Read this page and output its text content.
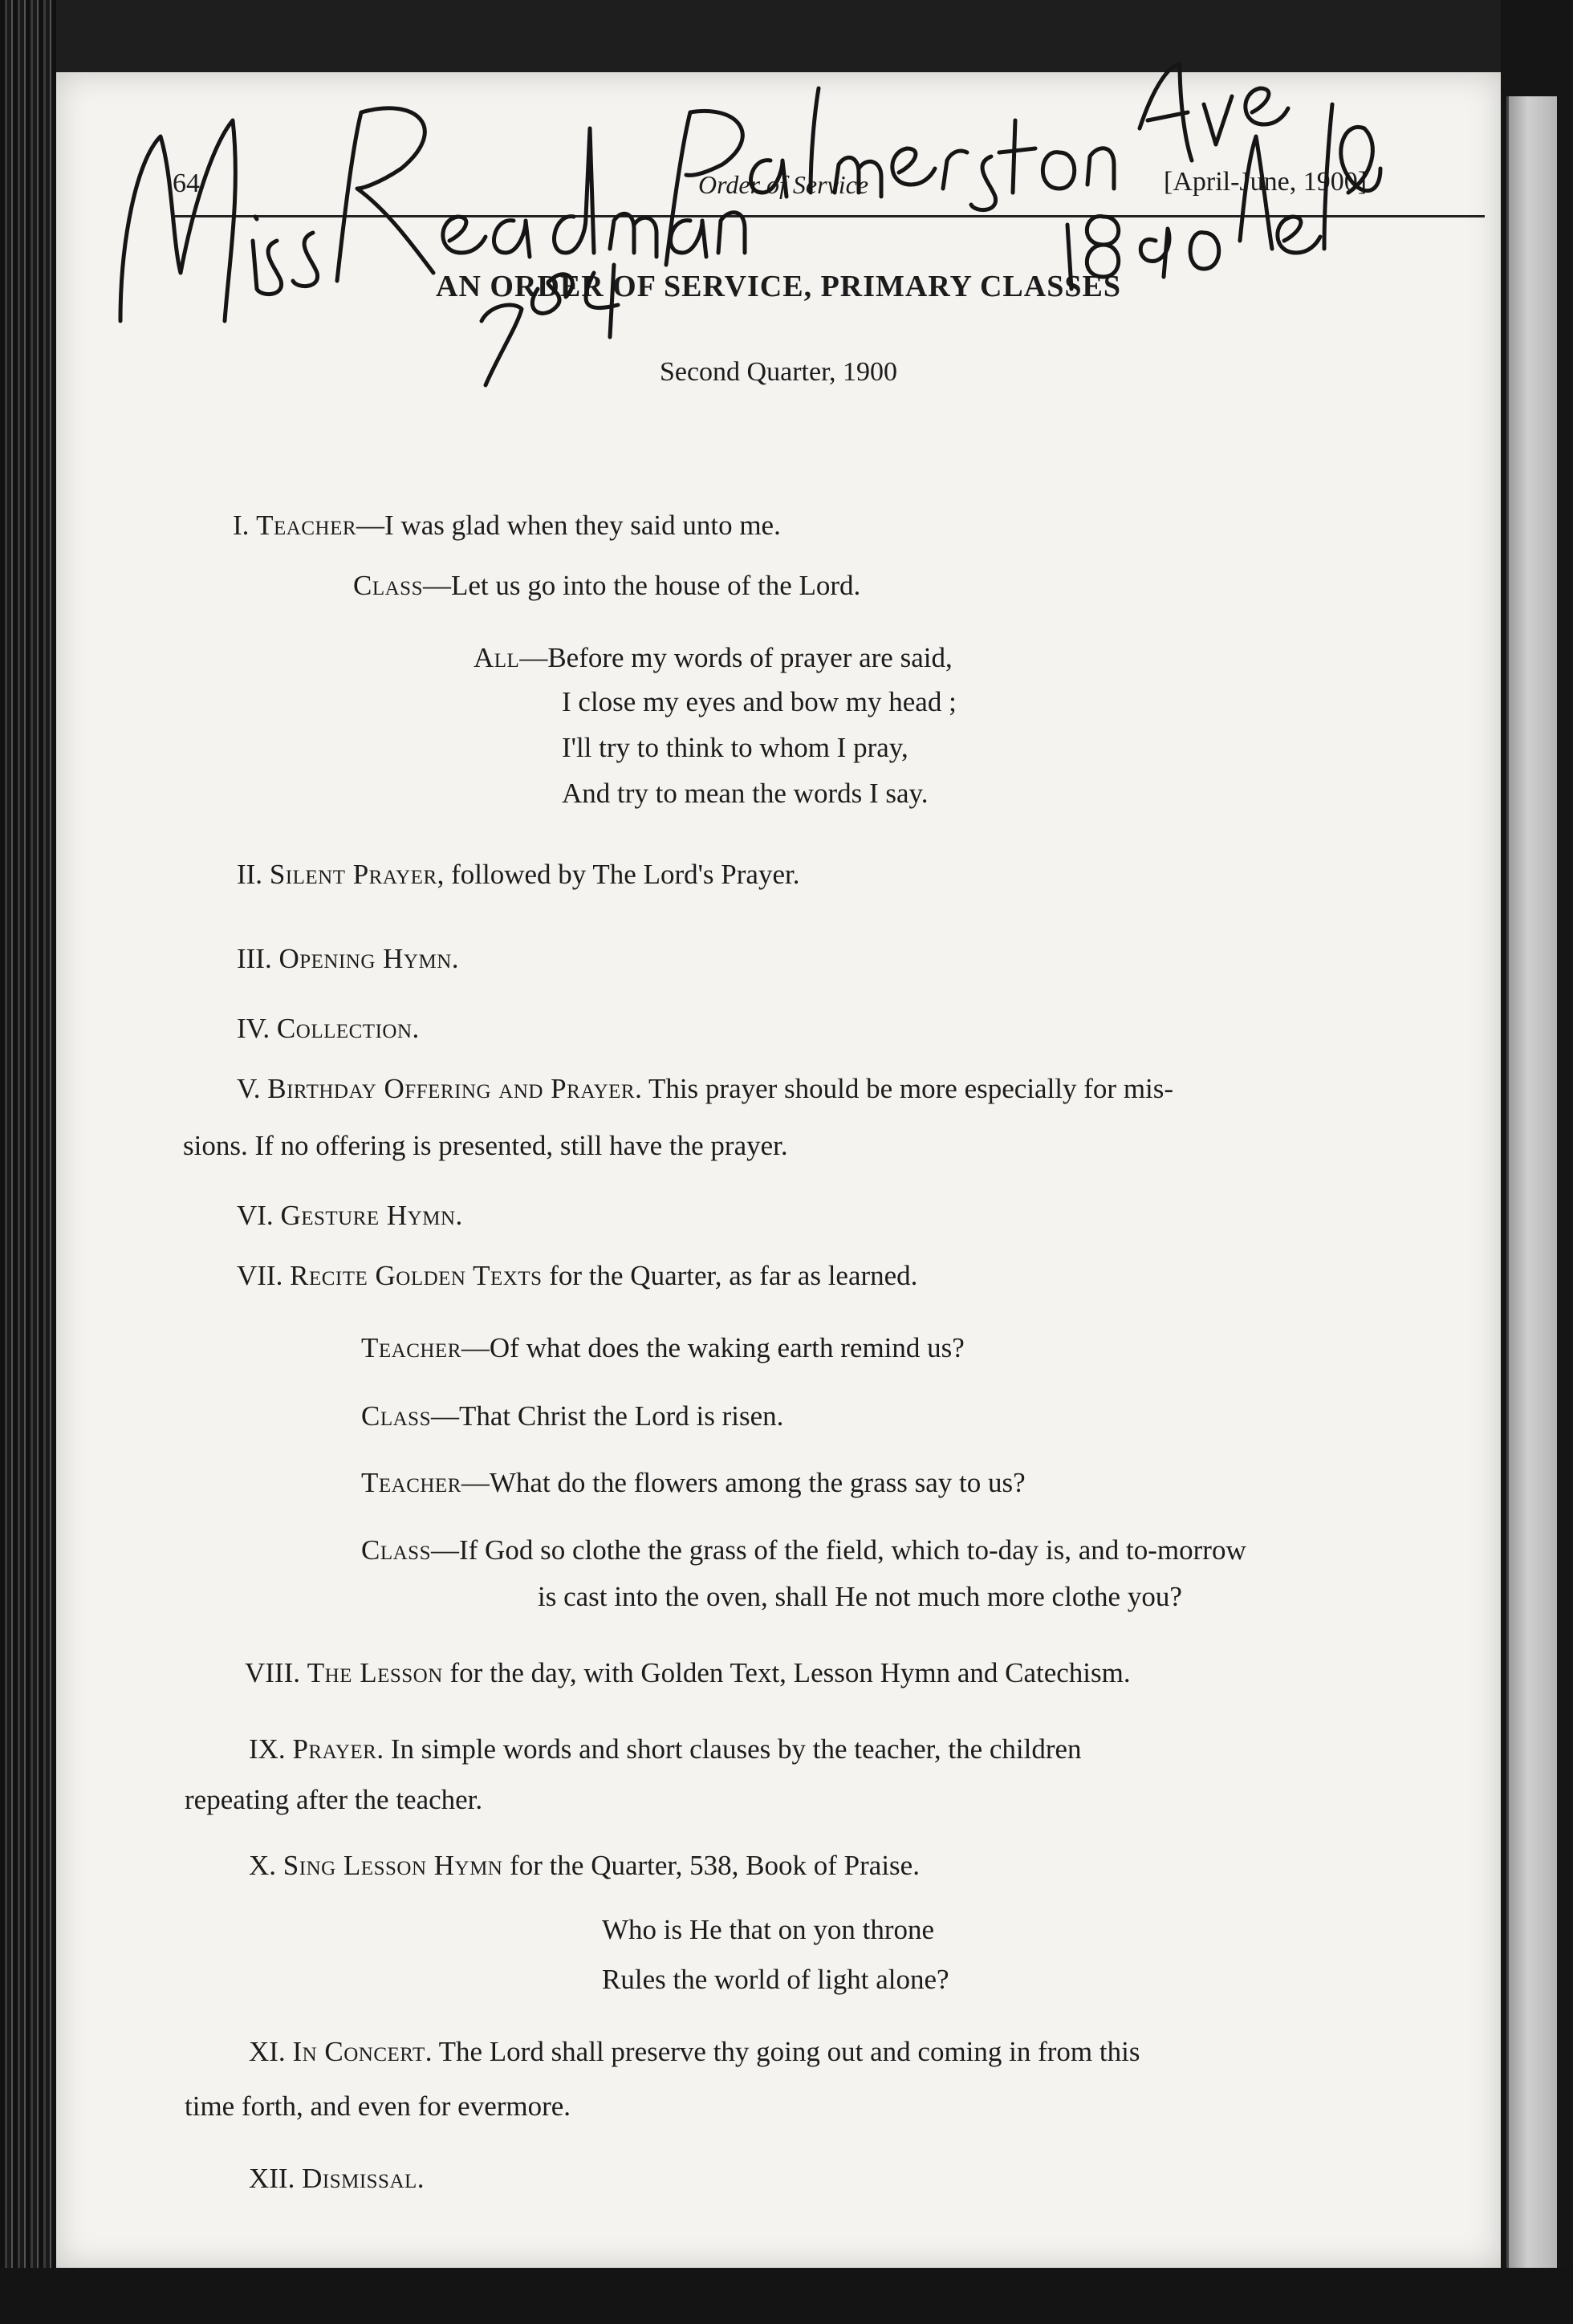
64	Order of Service	[April-June, 1900]
AN ORDER OF SERVICE, PRIMARY CLASSES
Second Quarter, 1900
I. Teacher—I was glad when they said unto me.
Class—Let us go into the house of the Lord.
All—Before my words of prayer are said,
I close my eyes and bow my head ;
I'll try to think to whom I pray,
And try to mean the words I say.
II. Silent Prayer, followed by The Lord's Prayer.
III. Opening Hymn.
IV. Collection.
V. Birthday Offering and Prayer. This prayer should be more especially for mis-
sions. If no offering is presented, still have the prayer.
VI. Gesture Hymn.
VII. Recite Golden Texts for the Quarter, as far as learned.
Teacher—Of what does the waking earth remind us?
Class—That Christ the Lord is risen.
Teacher—What do the flowers among the grass say to us?
Class—If God so clothe the grass of the field, which to-day is, and to-morrow
is cast into the oven, shall He not much more clothe you?
VIII. The Lesson for the day, with Golden Text, Lesson Hymn and Catechism.
IX. Prayer. In simple words and short clauses by the teacher, the children
repeating after the teacher.
X. Sing Lesson Hymn for the Quarter, 538, Book of Praise.
Who is He that on yon throne
Rules the world of light alone?
XI. In Concert. The Lord shall preserve thy going out and coming in from this
time forth, and even for evermore.
XII. Dismissal.
